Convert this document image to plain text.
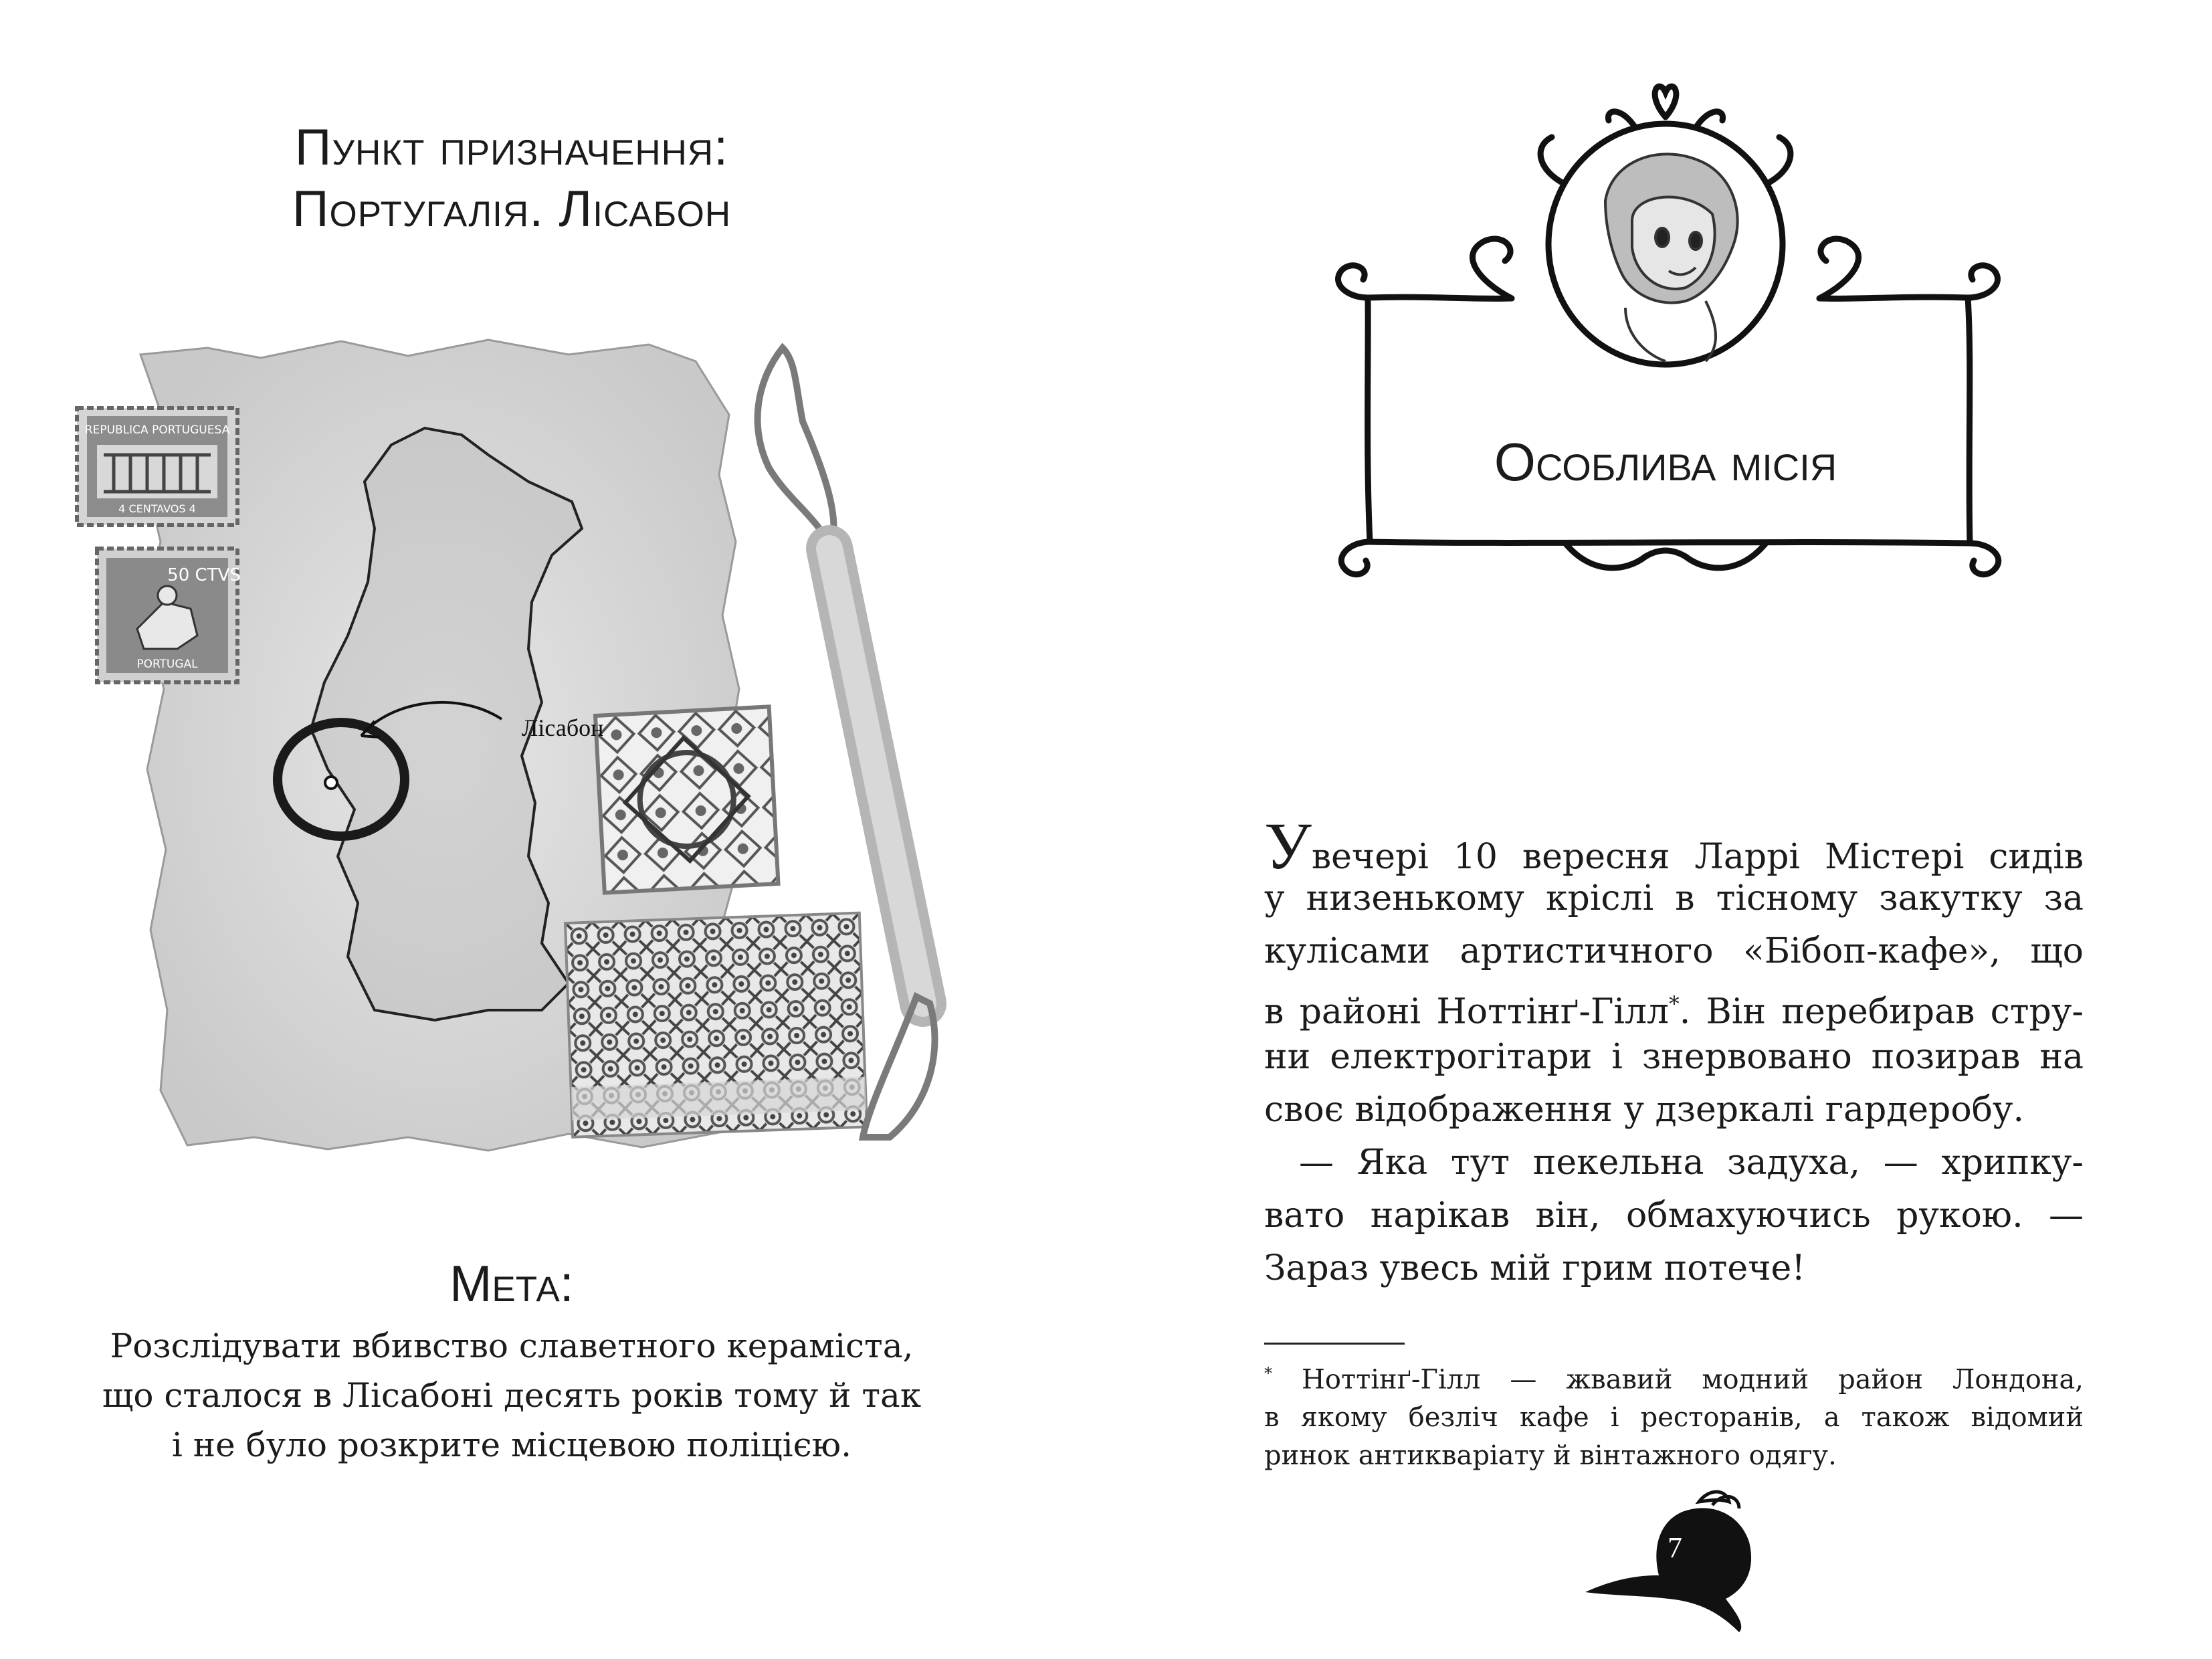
Пункт призначення:
Португалія. Лісабон
REPUBLICA PORTUGUESA
4 CENTAVOS 4
50 CTVS
PORTUGAL
Лісабон
Мета:
Розслідувати вбивство славетного кераміста,
що сталося в Лісабоні десять років тому й так
і не було розкрите місцевою поліцією.
Особлива місія
Увечері 10 вересня Ларрі Містері сидів
у низенькому кріслі в тісному закутку за
кулісами артистичного «Бібоп-кафе», що
в районі Ноттінґ-Гілл*. Він перебирав стру-
ни електрогітари і знервовано позирав на
своє відображення у дзеркалі гардеробу.
— Яка тут пекельна задуха, — хрипку-
вато нарікав він, обмахуючись рукою. —
Зараз увесь мій грим потече!
* Ноттінґ-Гілл — жвавий модний район Лондона,
в якому безліч кафе і ресторанів, а також відомий
ринок антикваріату й вінтажного одягу.
7
